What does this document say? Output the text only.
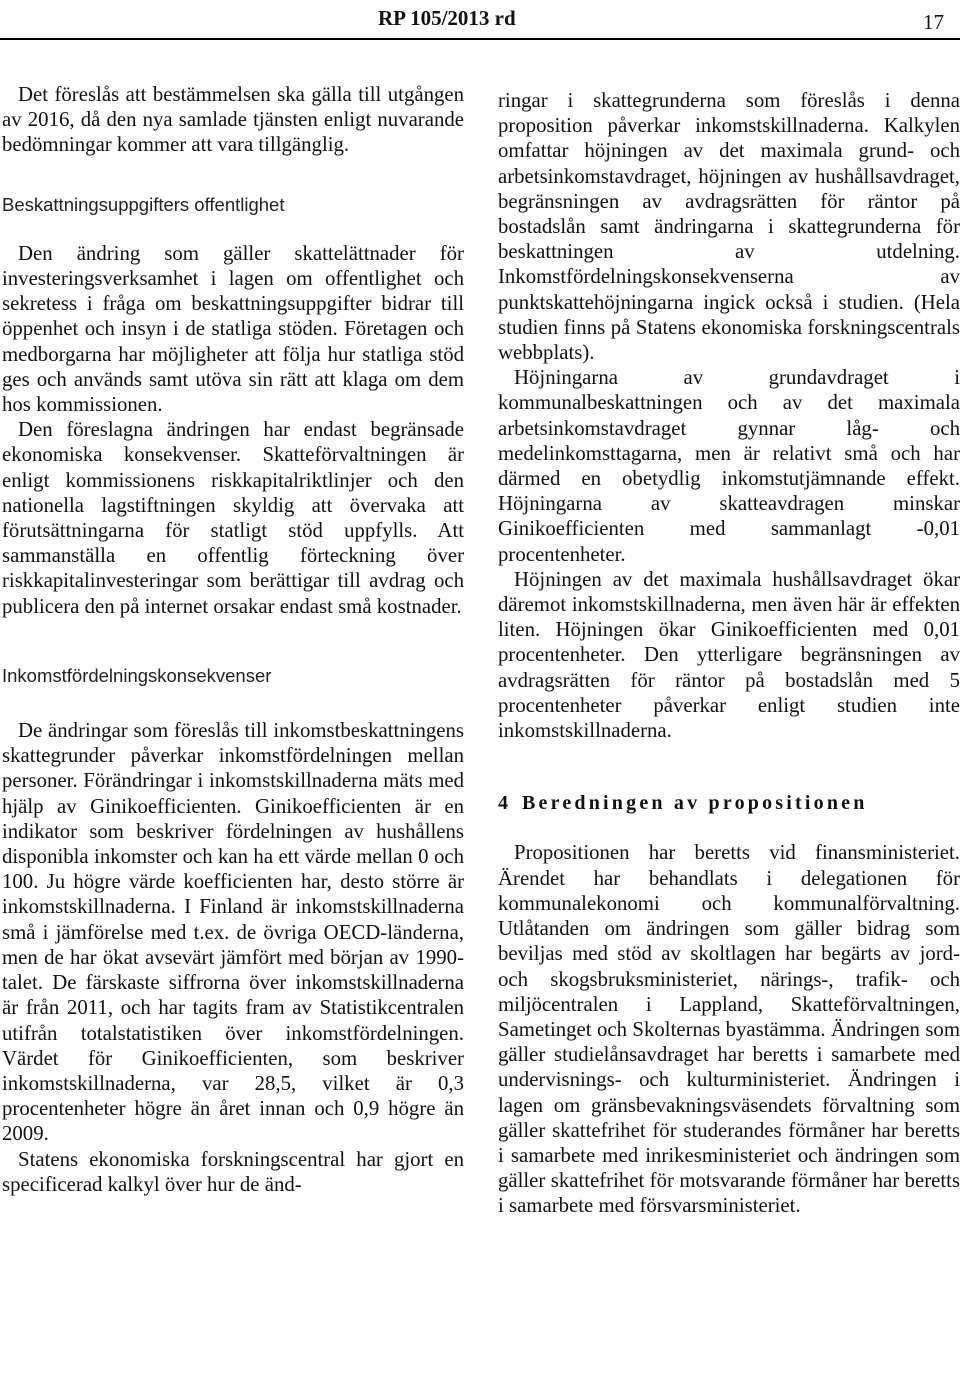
RP 105/2013 rd	17

Det föreslås att bestämmelsen ska gälla till utgången av 2016, då den nya samlade tjänsten enligt nuvarande bedömningar kommer att vara tillgänglig.

Beskattningsuppgifters offentlighet

Den ändring som gäller skattelättnader för investeringsverksamhet i lagen om offentlighet och sekretess i fråga om beskattningsuppgifter bidrar till öppenhet och insyn i de statliga stöden. Företagen och medborgarna har möjligheter att följa hur statliga stöd ges och används samt utöva sin rätt att klaga om dem hos kommissionen.

Den föreslagna ändringen har endast begränsade ekonomiska konsekvenser. Skatteförvaltningen är enligt kommissionens riskkapitalriktlinjer och den nationella lagstiftningen skyldig att övervaka att förutsättningarna för statligt stöd uppfylls. Att sammanställa en offentlig förteckning över riskkapitalinvesteringar som berättigar till avdrag och publicera den på internet orsakar endast små kostnader.

Inkomstfördelningskonsekvenser

De ändringar som föreslås till inkomstbeskattningens skattegrunder påverkar inkomstfördelningen mellan personer. Förändringar i inkomstskillnaderna mäts med hjälp av Ginikoefficienten. Ginikoefficienten är en indikator som beskriver fördelningen av hushållens disponibla inkomster och kan ha ett värde mellan 0 och 100. Ju högre värde koefficienten har, desto större är inkomstskillnaderna. I Finland är inkomstskillnaderna små i jämförelse med t.ex. de övriga OECD-länderna, men de har ökat avsevärt jämfört med början av 1990-talet. De färskaste siffrorna över inkomstskillnaderna är från 2011, och har tagits fram av Statistikcentralen utifrån totalstatistiken över inkomstfördelningen. Värdet för Ginikoefficienten, som beskriver inkomstskillnaderna, var 28,5, vilket är 0,3 procentenheter högre än året innan och 0,9 högre än 2009.

Statens ekonomiska forskningscentral har gjort en specificerad kalkyl över hur de änd-

ringar i skattegrunderna som föreslås i denna proposition påverkar inkomstskillnaderna. Kalkylen omfattar höjningen av det maximala grund- och arbetsinkomstavdraget, höjningen av hushållsavdraget, begränsningen av avdragsrätten för räntor på bostadslån samt ändringarna i skattegrunderna för beskattningen av utdelning. Inkomstfördelningskonsekvenserna av punktskattehöjningarna ingick också i studien. (Hela studien finns på Statens ekonomiska forskningscentrals webbplats).

Höjningarna av grundavdraget i kommunalbeskattningen och av det maximala arbetsinkomstavdraget gynnar låg- och medelinkomsttagarna, men är relativt små och har därmed en obetydlig inkomstutjämnande effekt. Höjningarna av skatteavdragen minskar Ginikoefficienten med sammanlagt -0,01 procentenheter.

Höjningen av det maximala hushållsavdraget ökar däremot inkomstskillnaderna, men även här är effekten liten. Höjningen ökar Ginikoefficienten med 0,01 procentenheter. Den ytterligare begränsningen av avdragsrätten för räntor på bostadslån med 5 procentenheter påverkar enligt studien inte inkomstskillnaderna.

4 Beredningen av propositionen

Propositionen har beretts vid finansministeriet. Ärendet har behandlats i delegationen för kommunalekonomi och kommunalförvaltning. Utlåtanden om ändringen som gäller bidrag som beviljas med stöd av skoltlagen har begärts av jord- och skogsbruksministeriet, närings-, trafik- och miljöcentralen i Lappland, Skatteförvaltningen, Sametinget och Skolternas byastämma. Ändringen som gäller studielånsavdraget har beretts i samarbete med undervisnings- och kulturministeriet. Ändringen i lagen om gränsbevakningsväsendets förvaltning som gäller skattefrihet för studerandes förmåner har beretts i samarbete med inrikesministeriet och ändringen som gäller skattefrihet för motsvarande förmåner har beretts i samarbete med försvarsministeriet.
